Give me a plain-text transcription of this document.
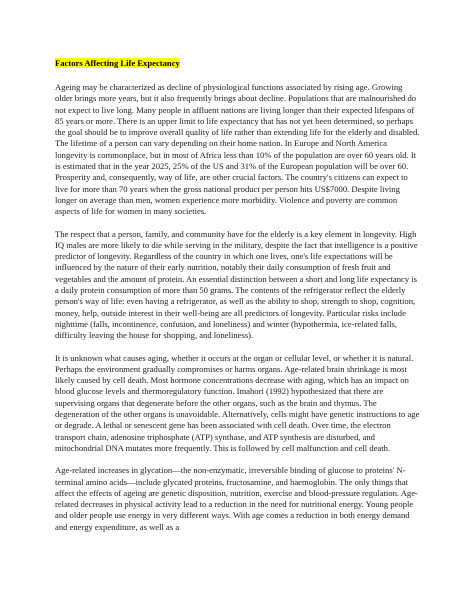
Factors Affecting Life Expectancy

Ageing may be characterized as decline of physiological functions associated by rising age. Growing older brings more years, but it also frequently brings about decline. Populations that are malnourished do not expect to live long. Many people in affluent nations are living longer than their expected lifespans of 85 years or more. There is an upper limit to life expectancy that has not yet been determined, so perhaps the goal should be to improve overall quality of life rather than extending life for the elderly and disabled. The lifetime of a person can vary depending on their home nation. In Europe and North America longevity is commonplace, but in most of Africa less than 10% of the population are over 60 years old. It is estimated that in the year 2025, 25% of the US and 31% of the European population will be over 60. Prosperity and, consequently, way of life, are other crucial factors. The country's citizens can expect to live for more than 70 years when the gross national product per person hits US$7000. Despite living longer on average than men, women experience more morbidity. Violence and poverty are common aspects of life for women in many societies.

The respect that a person, family, and community have for the elderly is a key element in longevity. High IQ males are more likely to die while serving in the military, despite the fact that intelligence is a positive predictor of longevity. Regardless of the country in which one lives, one's life expectations will be influenced by the nature of their early nutrition, notably their daily consumption of fresh fruit and vegetables and the amount of protein. An essential distinction between a short and long life expectancy is a daily protein consumption of more than 50 grams. The contents of the refrigerator reflect the elderly person's way of life: even having a refrigerator, as well as the ability to shop, strength to shop, cognition, money, help, outside interest in their well-being are all predictors of longevity. Particular risks include nighttime (falls, incontinence, confusion, and loneliness) and winter (hypothermia, ice-related falls, difficulty leaving the house for shopping, and loneliness).

It is unknown what causes aging, whether it occurs at the organ or cellular level, or whether it is natural. Perhaps the environment gradually compromises or harms organs. Age-related brain shrinkage is most likely caused by cell death. Most hormone concentrations decrease with aging, which has an impact on blood glucose levels and thermoregulatory function. Imahori (1992) hypothesized that there are supervising organs that degenerate before the other organs, such as the brain and thymus. The degeneration of the other organs is unavoidable. Alternatively, cells might have genetic instructions to age or degrade. A lethal or senescent gene has been associated with cell death. Over time, the electron transport chain, adenosine triphosphate (ATP) synthase, and ATP synthesis are disturbed, and mitochondrial DNA mutates more frequently. This is followed by cell malfunction and cell death.

Age-related increases in glycation—the non-enzymatic, irreversible binding of glucose to proteins' N-terminal amino acids—include glycated proteins, fructosamine, and haemoglobin. The only things that affect the effects of ageing are genetic disposition, nutrition, exercise and blood-pressure regulation. Age-related decreases in physical activity lead to a reduction in the need for nutritional energy. Young people and older people use energy in very different ways. With age comes a reduction in both energy demand and energy expenditure, as well as a
